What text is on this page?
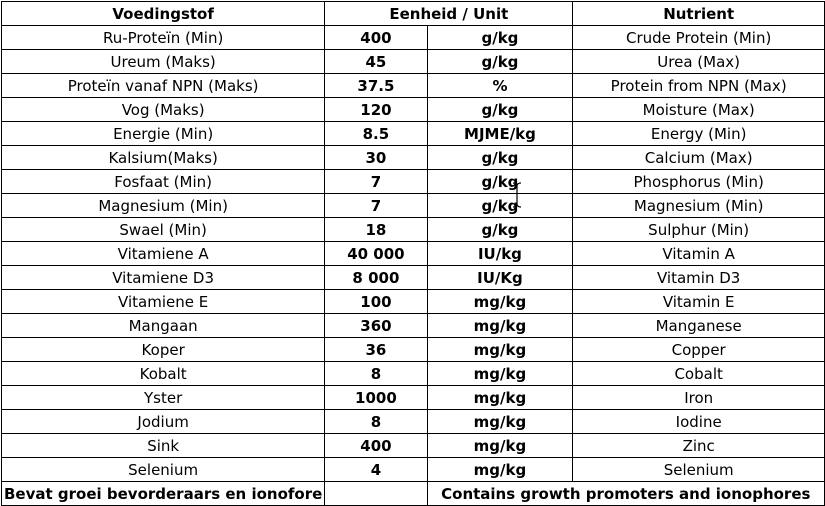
Voedingstof	Eenheid / Unit		Nutrient
Ru-Proteïn (Min)	400	g/kg	Crude Protein (Min)
Ureum (Maks)	45	g/kg	Urea (Max)
Proteïn vanaf NPN (Maks)	37.5	%	Protein from NPN (Max)
Vog (Maks)	120	g/kg	Moisture (Max)
Energie (Min)	8.5	MJME/kg	Energy (Min)
Kalsium(Maks)	30	g/kg	Calcium (Max)
Fosfaat (Min)	7	g/kg	Phosphorus (Min)
Magnesium (Min)	7	g/kg	Magnesium (Min)
Swael (Min)	18	g/kg	Sulphur (Min)
Vitamiene A	40 000	IU/kg	Vitamin A
Vitamiene D3	8 000	IU/Kg	Vitamin D3
Vitamiene E	100	mg/kg	Vitamin E
Mangaan	360	mg/kg	Manganese
Koper	36	mg/kg	Copper
Kobalt	8	mg/kg	Cobalt
Yster	1000	mg/kg	Iron
Jodium	8	mg/kg	Iodine
Sink	400	mg/kg	Zinc
Selenium	4	mg/kg	Selenium
Bevat groei bevorderaars en ionofore		Contains growth promoters and ionophores	
